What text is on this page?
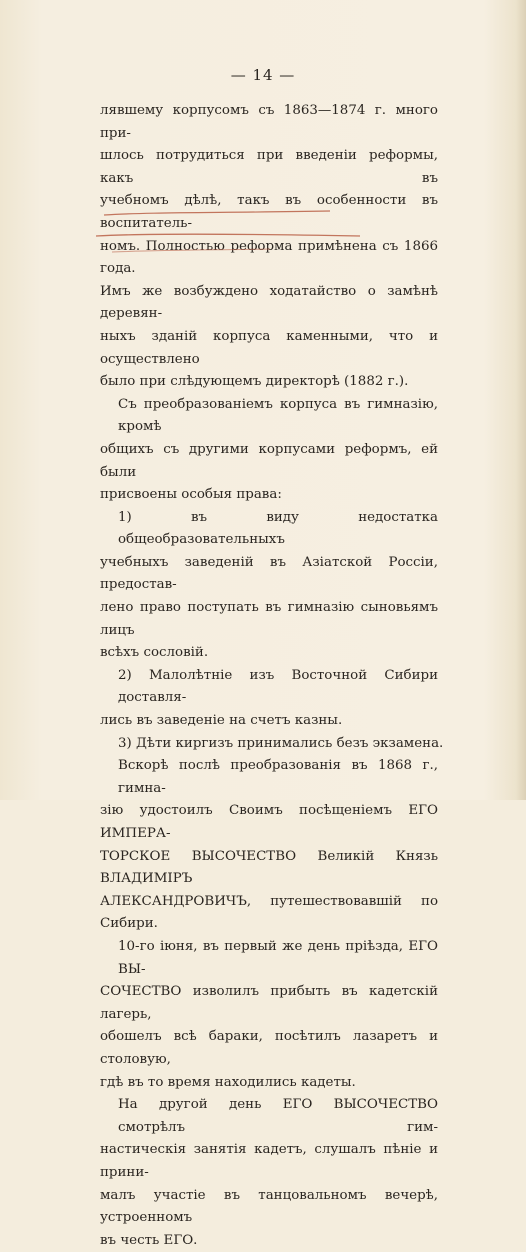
— 14 —
лявшему корпусомъ съ 1863—1874 г. много при-
шлось потрудиться при введеніи реформы, какъ въ
учебномъ дѣлѣ, такъ въ особенности въ воспитатель-
номъ. Полностью реформа примѣнена съ 1866 года.
Имъ же возбуждено ходатайство о замѣнѣ деревян-
ныхъ зданій корпуса каменными, что и осуществлено
было при слѣдующемъ директорѣ (1882 г.).
Съ преобразованіемъ корпуса въ гимназію, кромѣ
общихъ съ другими корпусами реформъ, ей были
присвоены особыя права:
1) въ виду недостатка общеобразовательныхъ
учебныхъ заведеній въ Азіатской Россіи, предостав-
лено право поступать въ гимназію сыновьямъ лицъ
всѣхъ сословій.
2) Малолѣтніе изъ Восточной Сибири доставля-
лись въ заведеніе на счетъ казны.
3) Дѣти киргизъ принимались безъ экзамена.
Вскорѣ послѣ преобразованія въ 1868 г., гимна-
зію удостоилъ Своимъ посѣщеніемъ ЕГО ИМПЕРА-
ТОРСКОЕ ВЫСОЧЕСТВО Великій Князь ВЛАДИМІРЪ
АЛЕКСАНДРОВИЧЪ, путешествовавшій по Сибири.
10-го іюня, въ первый же день пріѣзда, ЕГО ВЫ-
СОЧЕСТВО изволилъ прибыть въ кадетскій лагерь,
обошелъ всѣ бараки, посѣтилъ лазаретъ и столовую,
гдѣ въ то время находились кадеты.
На другой день ЕГО ВЫСОЧЕСТВО смотрѣлъ гим-
настическія занятія кадетъ, слушалъ пѣніе и прини-
малъ участіе въ танцовальномъ вечерѣ, устроенномъ
въ честь ЕГО.
